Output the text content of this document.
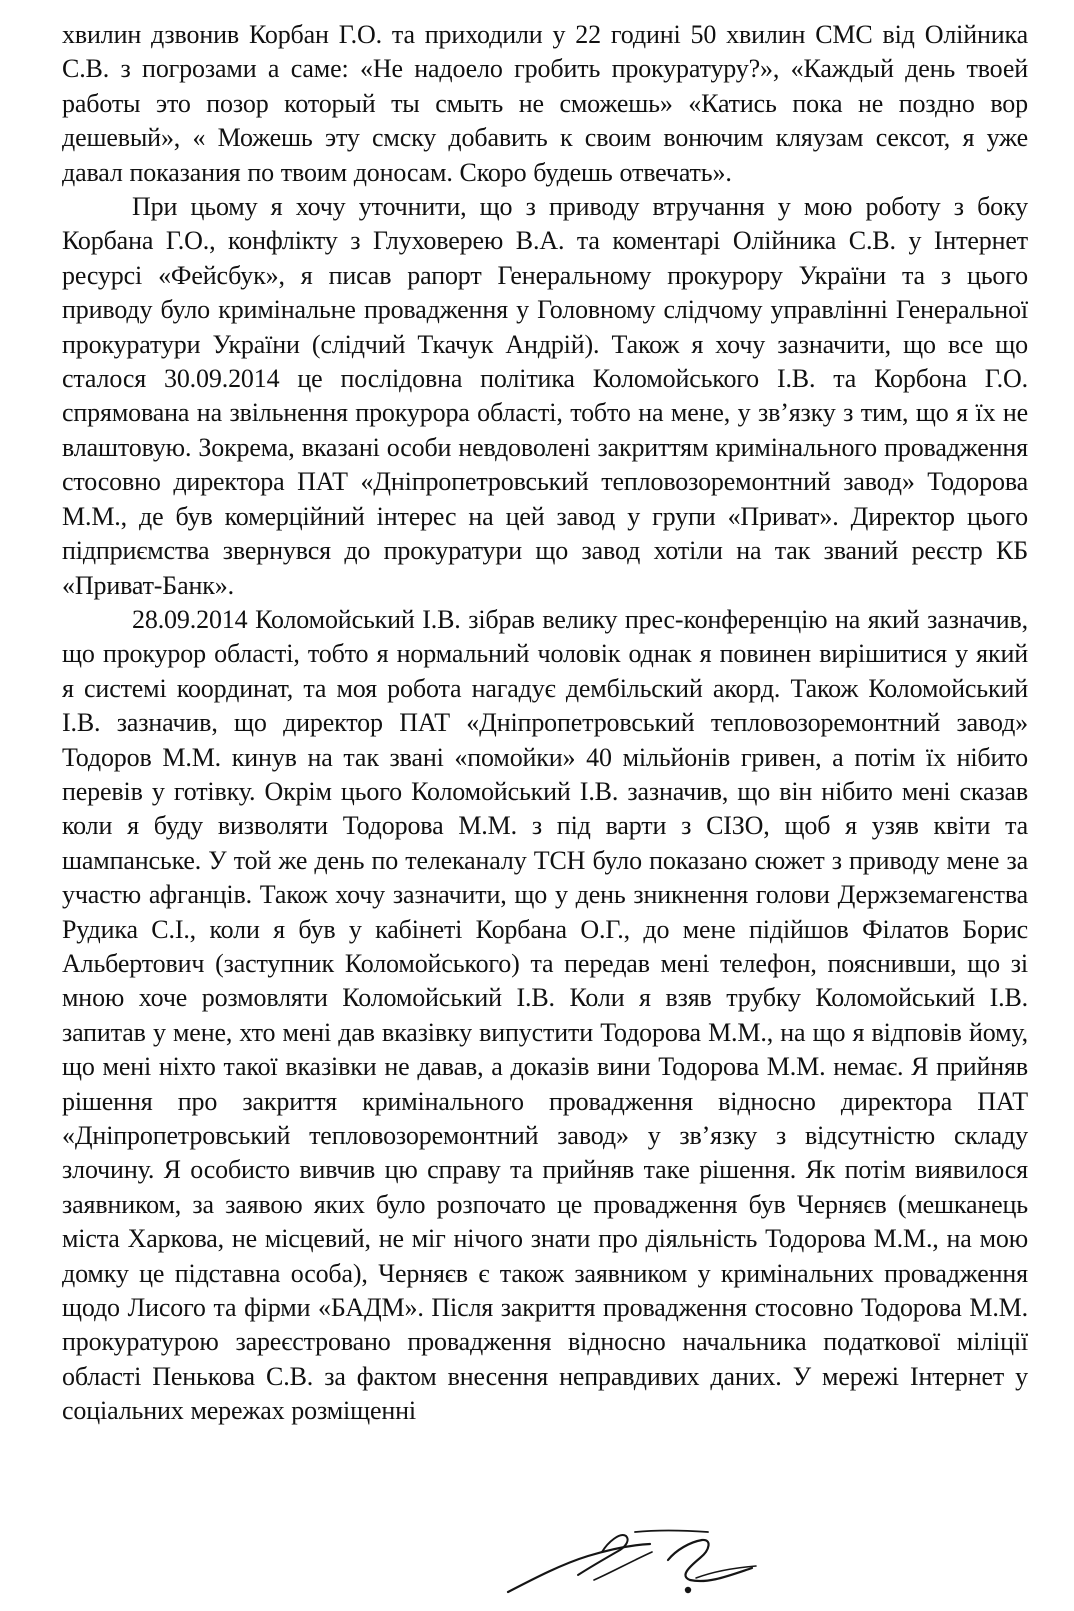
хвилин дзвонив Корбан Г.О. та приходили у 22 годині 50 хвилин СМС від Олійника С.В. з погрозами а саме: «Не надоело гробить прокуратуру?», «Каждый день твоей работы это позор который ты смыть не сможешь» «Катись пока не поздно вор дешевый», « Можешь эту смску добавить к своим вонючим кляузам сексот, я уже давал показания по твоим доносам. Скоро будешь отвечать».

При цьому я хочу уточнити, що з приводу втручання у мою роботу з боку Корбана Г.О., конфлікту з Глуховерею В.А. та коментарі Олійника С.В. у Інтернет ресурсі «Фейсбук», я писав рапорт Генеральному прокурору України та з цього приводу було кримінальне провадження у Головному слідчому управлінні Генеральної прокуратури України (слідчий Ткачук Андрій). Також я хочу зазначити, що все що сталося 30.09.2014 це послідовна політика Коломойського І.В. та Корбона Г.О. спрямована на звільнення прокурора області, тобто на мене, у зв’язку з тим, що я їх не влаштовую. Зокрема, вказані особи невдоволені закриттям кримінального провадження стосовно директора ПАТ «Дніпропетровський тепловозоремонтний завод» Тодорова М.М., де був комерційний інтерес на цей завод у групи «Приват». Директор цього підприємства звернувся до прокуратури що завод хотіли на так званий реєстр КБ «Приват-Банк».

28.09.2014 Коломойський І.В. зібрав велику прес-конференцію на який зазначив, що прокурор області, тобто я нормальний чоловік однак я повинен вирішитися у який я системі координат, та моя робота нагадує дембільский акорд. Також Коломойський І.В. зазначив, що директор ПАТ «Дніпропетровський тепловозоремонтний завод» Тодоров М.М. кинув на так звані «помойки» 40 мільйонів гривен, а потім їх нібито перевів у готівку. Окрім цього Коломойський І.В. зазначив, що він нібито мені сказав коли я буду визволяти Тодорова М.М. з під варти з СІЗО, щоб я узяв квіти та шампанське. У той же день по телеканалу ТСН було показано сюжет з приводу мене за участю афганців. Також хочу зазначити, що у день зникнення голови Держземагенства Рудика С.І., коли я був у кабінеті Корбана О.Г., до мене підійшов Філатов Борис Альбертович (заступник Коломойського) та передав мені телефон, пояснивши, що зі мною хоче розмовляти Коломойський І.В. Коли я взяв трубку Коломойський І.В. запитав у мене, хто мені дав вказівку випустити Тодорова М.М., на що я відповів йому, що мені ніхто такої вказівки не давав, а доказів вини Тодорова М.М. немає. Я прийняв рішення про закриття кримінального провадження відносно директора ПАТ «Дніпропетровський тепловозоремонтний завод» у зв’язку з відсутністю складу злочину. Я особисто вивчив цю справу та прийняв таке рішення. Як потім виявилося заявником, за заявою яких було розпочато це провадження був Черняєв (мешканець міста Харкова, не місцевий, не міг нічого знати про діяльність Тодорова М.М., на мою домку це підставна особа), Черняєв є також заявником у кримінальних провадження щодо Лисого та фірми «БАДМ». Після закриття провадження стосовно Тодорова М.М. прокуратурою зареєстровано провадження відносно начальника податкової міліції області Пенькова С.В. за фактом внесення неправдивих даних. У мережі Інтернет у соціальних мережах розміщенні
